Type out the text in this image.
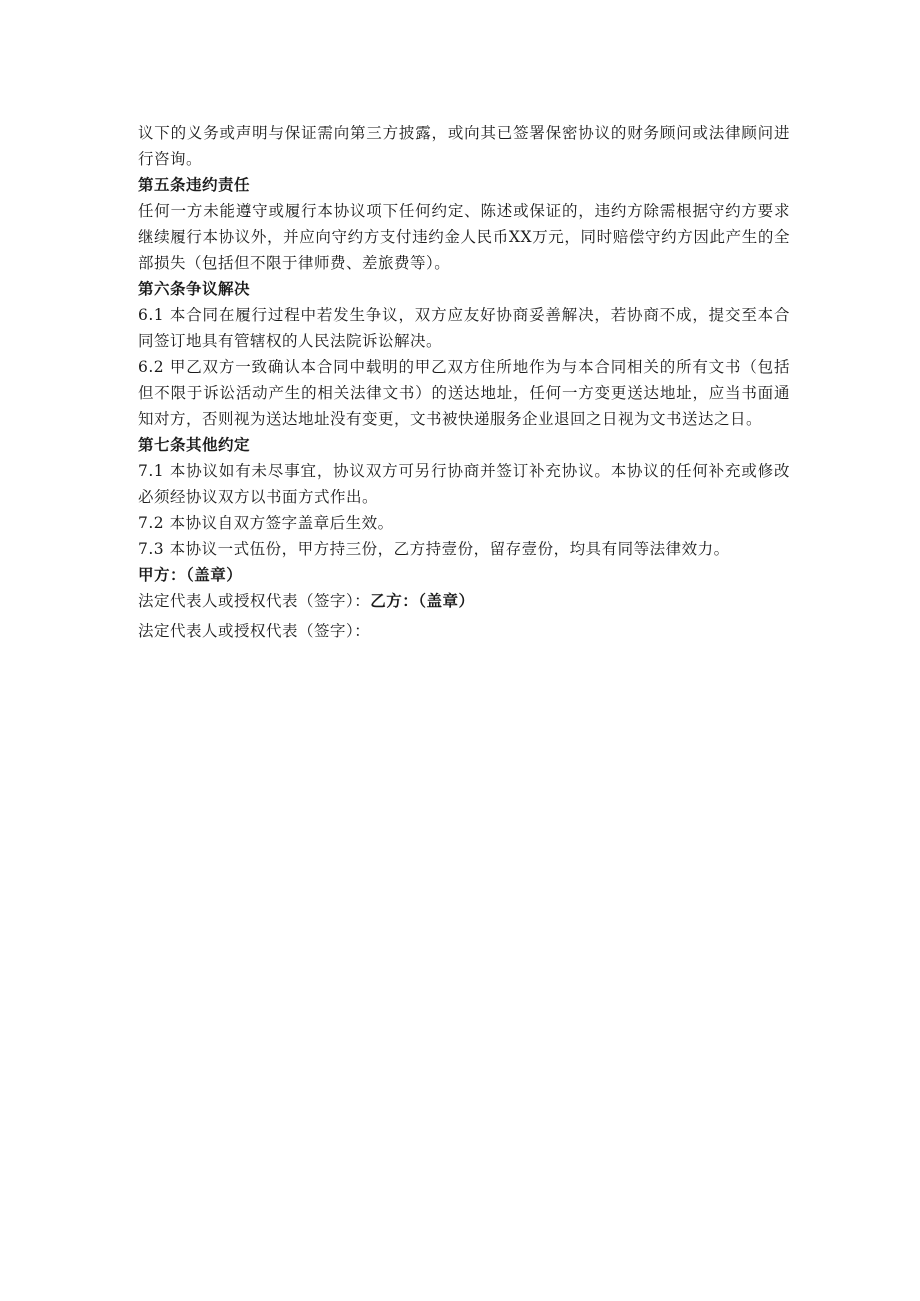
议下的义务或声明与保证需向第三方披露，或向其已签署保密协议的财务顾问或法律顾问进行咨询。

第五条违约责任

任何一方未能遵守或履行本协议项下任何约定、陈述或保证的，违约方除需根据守约方要求继续履行本协议外，并应向守约方支付违约金人民币XX万元，同时赔偿守约方因此产生的全部损失（包括但不限于律师费、差旅费等）。

第六条争议解决

6.1 本合同在履行过程中若发生争议，双方应友好协商妥善解决，若协商不成，提交至本合同签订地具有管辖权的人民法院诉讼解决。

6.2 甲乙双方一致确认本合同中载明的甲乙双方住所地作为与本合同相关的所有文书（包括但不限于诉讼活动产生的相关法律文书）的送达地址，任何一方变更送达地址，应当书面通知对方，否则视为送达地址没有变更，文书被快递服务企业退回之日视为文书送达之日。

第七条其他约定

7.1 本协议如有未尽事宜，协议双方可另行协商并签订补充协议。本协议的任何补充或修改必须经协议双方以书面方式作出。

7.2 本协议自双方签字盖章后生效。

7.3 本协议一式伍份，甲方持三份，乙方持壹份，留存壹份，均具有同等法律效力。

甲方：（盖章）

法定代表人或授权代表（签字）：乙方：（盖章）

法定代表人或授权代表（签字）：
